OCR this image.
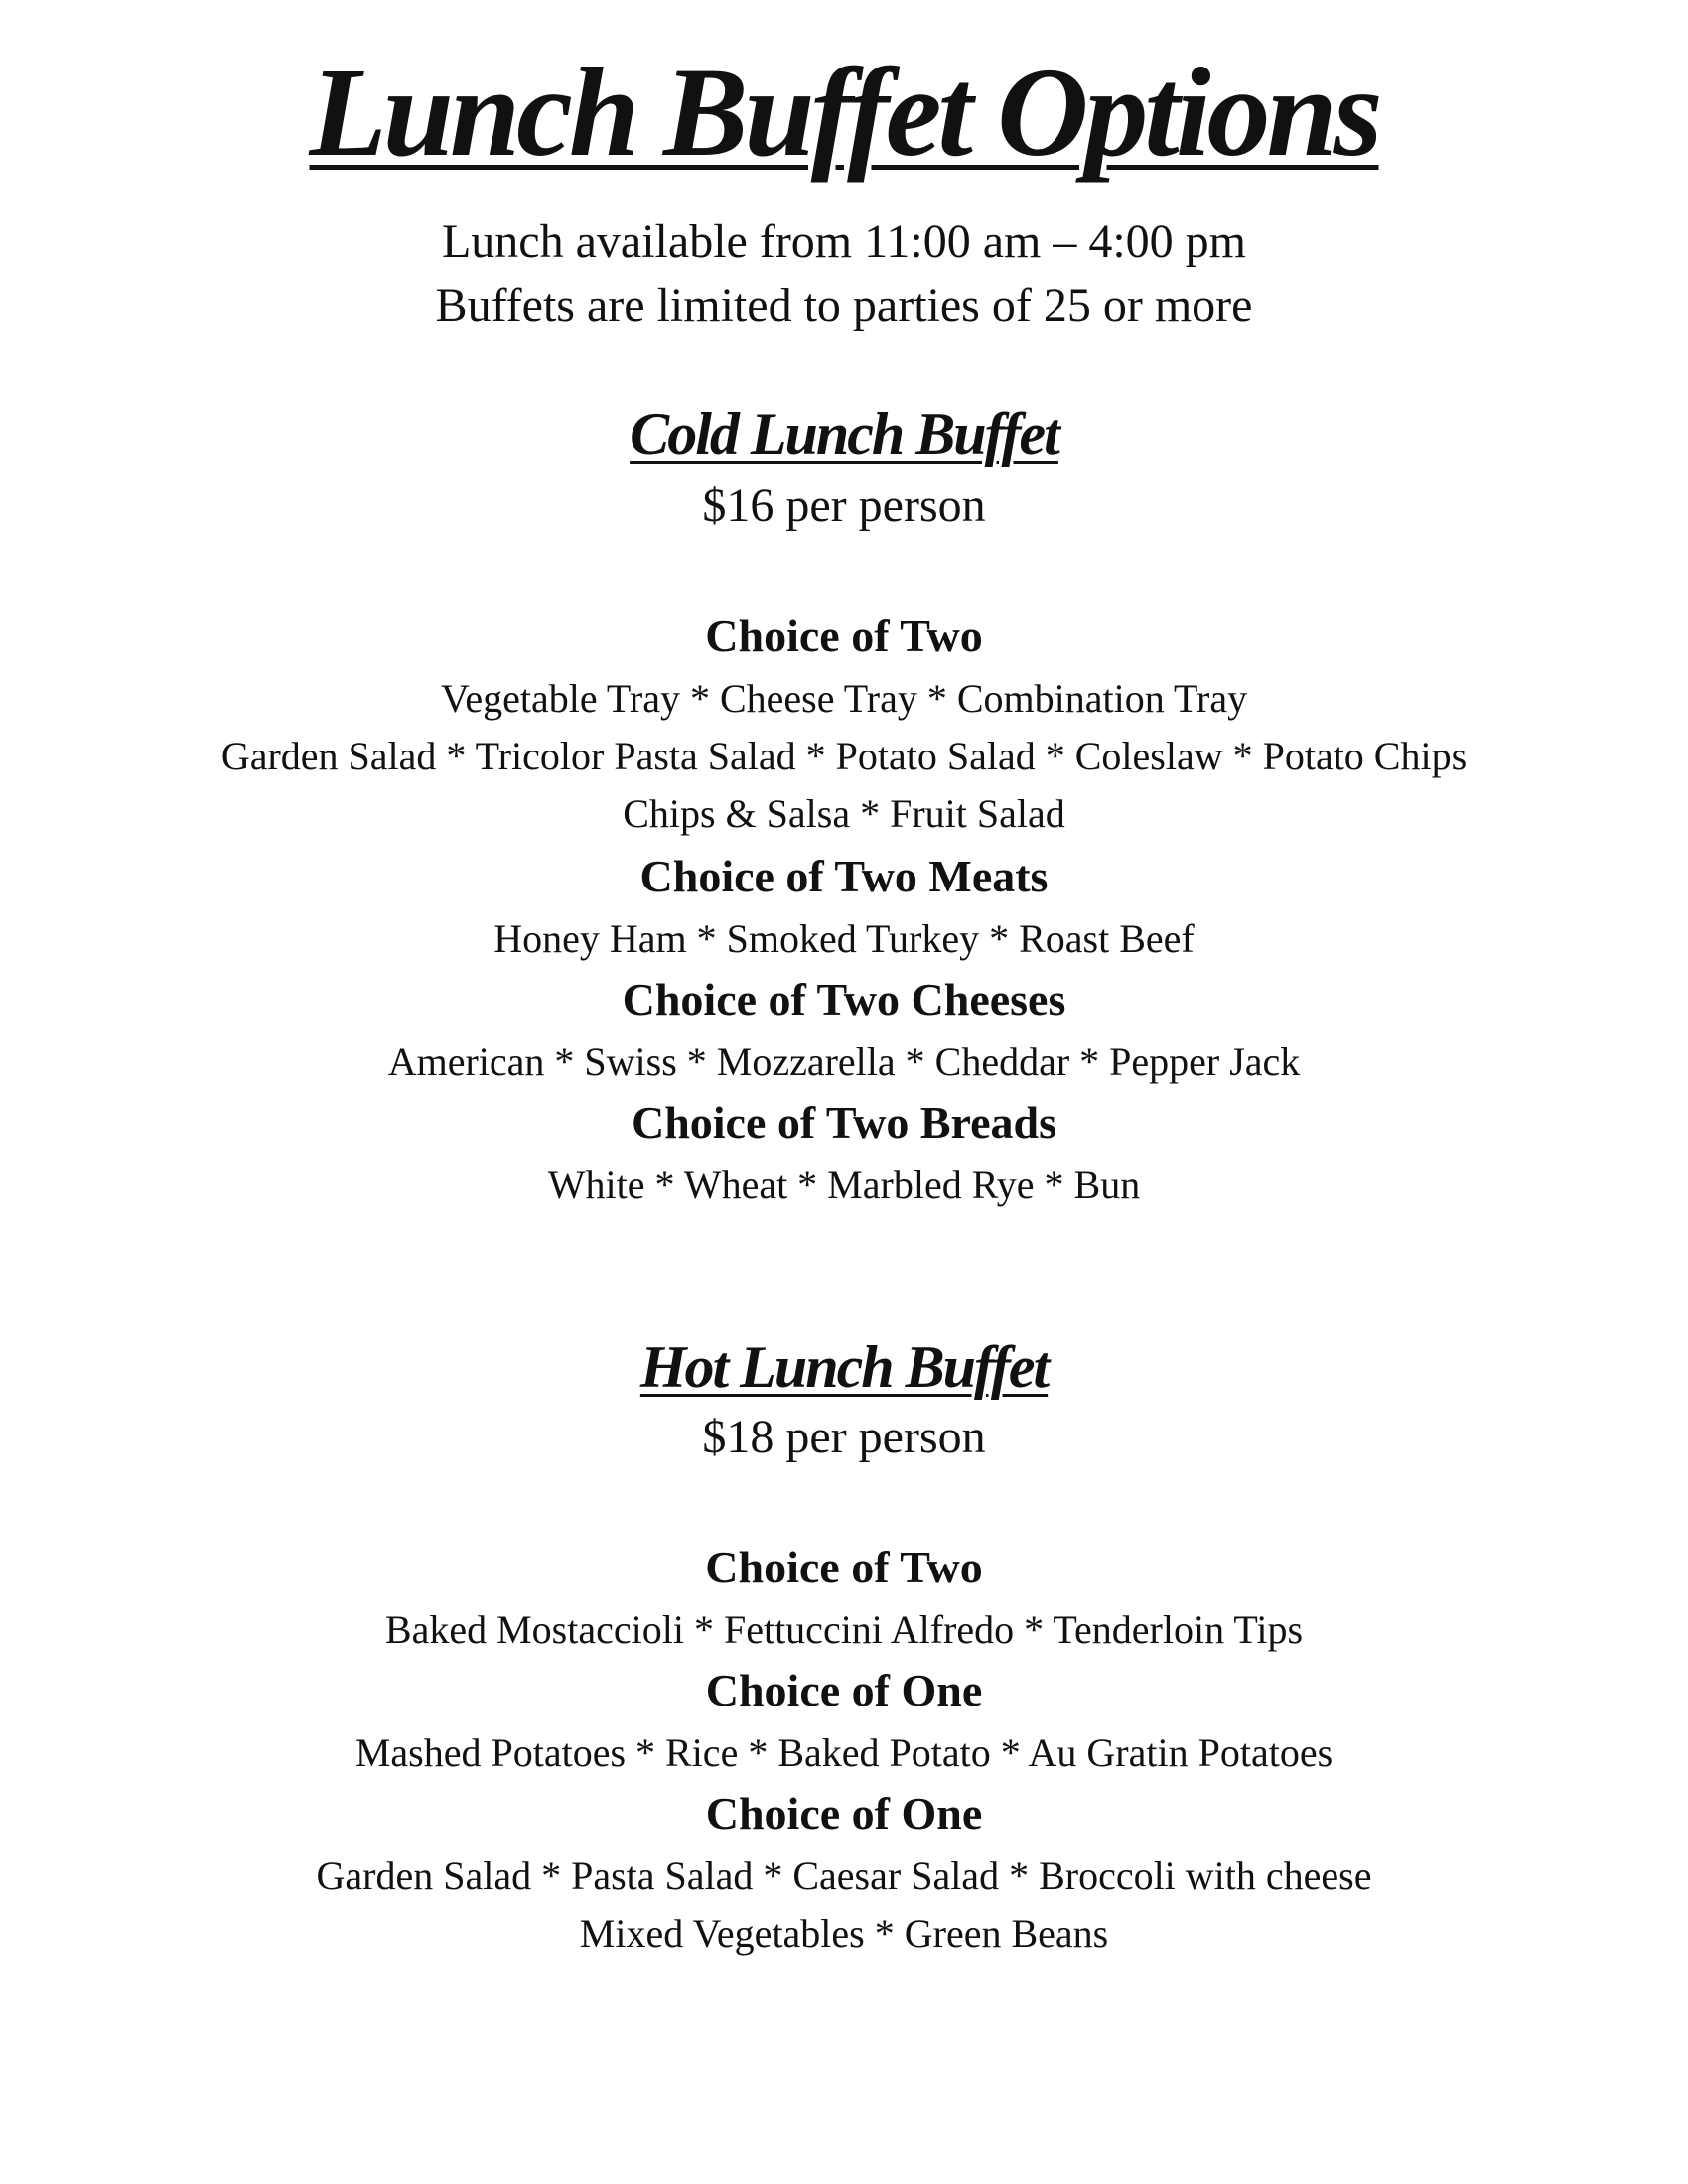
Lunch Buffet Options

Lunch available from 11:00 am – 4:00 pm

Buffets are limited to parties of 25 or more

Cold Lunch Buffet

$16 per person

Choice of Two

Vegetable Tray * Cheese Tray * Combination Tray

Garden Salad * Tricolor Pasta Salad * Potato Salad * Coleslaw * Potato Chips

Chips & Salsa * Fruit Salad

Choice of Two Meats

Honey Ham * Smoked Turkey * Roast Beef

Choice of Two Cheeses

American * Swiss * Mozzarella * Cheddar * Pepper Jack

Choice of Two Breads

White * Wheat * Marbled Rye * Bun

Hot Lunch Buffet

$18 per person

Choice of Two

Baked Mostaccioli * Fettuccini Alfredo * Tenderloin Tips

Choice of One

Mashed Potatoes * Rice * Baked Potato * Au Gratin Potatoes

Choice of One

Garden Salad * Pasta Salad * Caesar Salad * Broccoli with cheese

Mixed Vegetables * Green Beans
